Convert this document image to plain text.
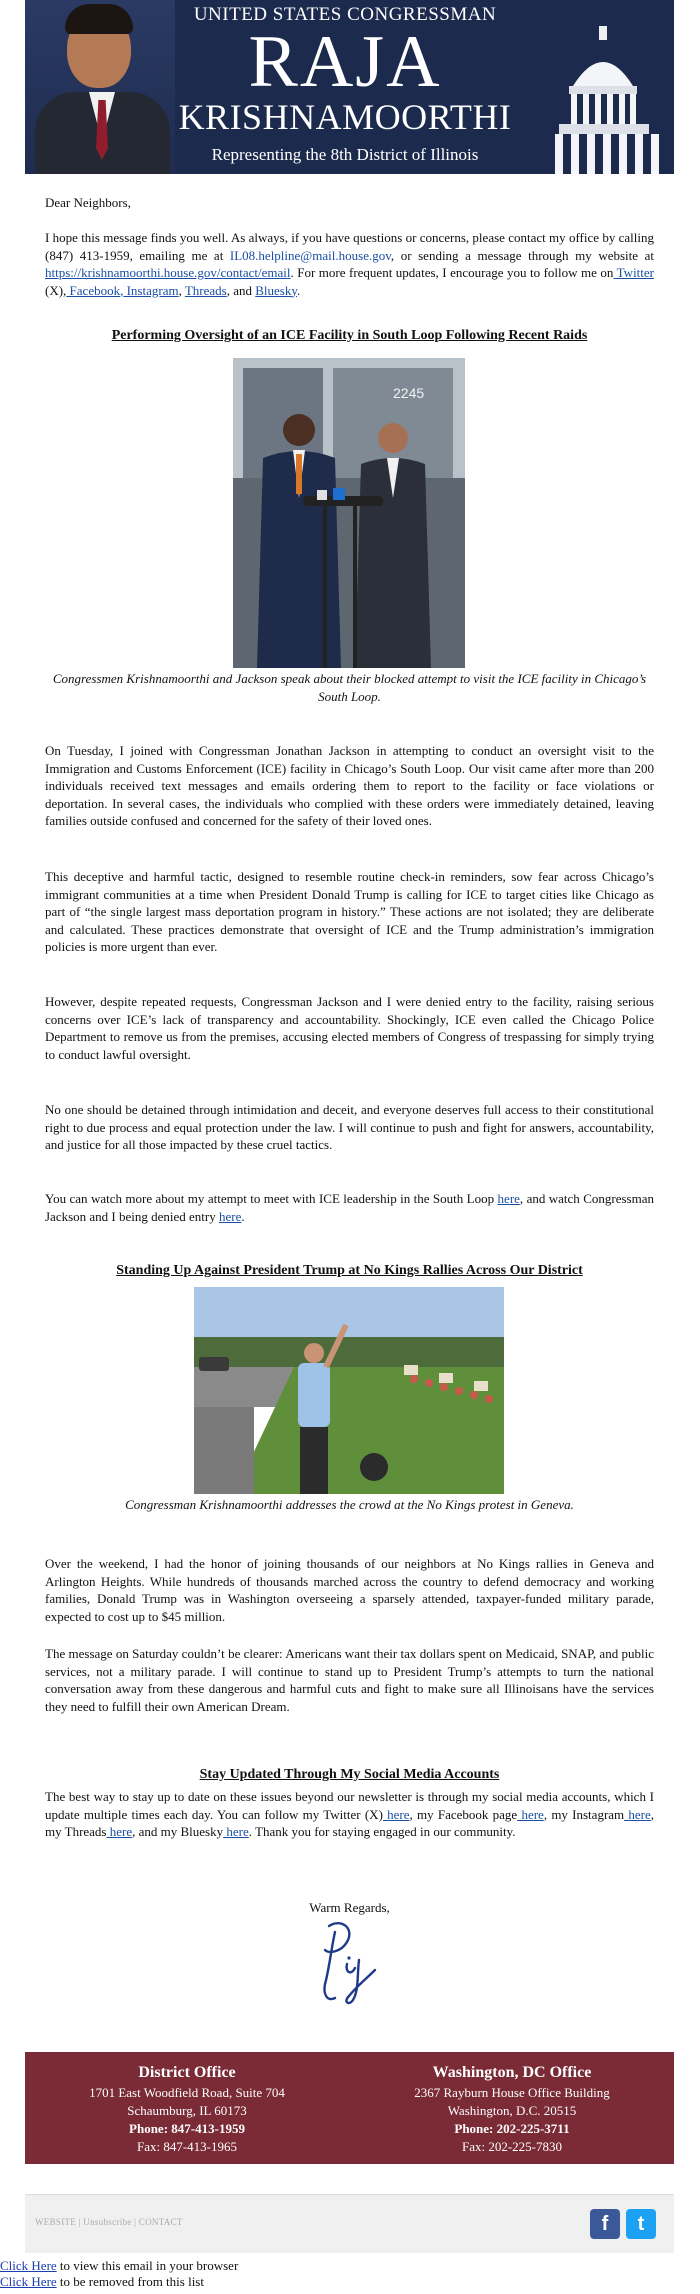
UNITED STATES CONGRESSMAN
RAJA
KRISHNAMOORTHI
Representing the 8th District of Illinois

Dear Neighbors,

I hope this message finds you well. As always, if you have questions or concerns, please contact my office by calling (847) 413-1959, emailing me at IL08.helpline@mail.house.gov, or sending a message through my website at https://krishnamoorthi.house.gov/contact/email. For more frequent updates, I encourage you to follow me on Twitter (X), Facebook, Instagram, Threads, and Bluesky.

Performing Oversight of an ICE Facility in South Loop Following Recent Raids

2245

Congressmen Krishnamoorthi and Jackson speak about their blocked attempt to visit the ICE facility in Chicago’s South Loop.

On Tuesday, I joined with Congressman Jonathan Jackson in attempting to conduct an oversight visit to the Immigration and Customs Enforcement (ICE) facility in Chicago’s South Loop. Our visit came after more than 200 individuals received text messages and emails ordering them to report to the facility or face violations or deportation. In several cases, the individuals who complied with these orders were immediately detained, leaving families outside confused and concerned for the safety of their loved ones.

This deceptive and harmful tactic, designed to resemble routine check-in reminders, sow fear across Chicago’s immigrant communities at a time when President Donald Trump is calling for ICE to target cities like Chicago as part of “the single largest mass deportation program in history.” These actions are not isolated; they are deliberate and calculated. These practices demonstrate that oversight of ICE and the Trump administration’s immigration policies is more urgent than ever.

However, despite repeated requests, Congressman Jackson and I were denied entry to the facility, raising serious concerns over ICE’s lack of transparency and accountability. Shockingly, ICE even called the Chicago Police Department to remove us from the premises, accusing elected members of Congress of trespassing for simply trying to conduct lawful oversight.

No one should be detained through intimidation and deceit, and everyone deserves full access to their constitutional right to due process and equal protection under the law. I will continue to push and fight for answers, accountability, and justice for all those impacted by these cruel tactics.

You can watch more about my attempt to meet with ICE leadership in the South Loop here, and watch Congressman Jackson and I being denied entry here.

Standing Up Against President Trump at No Kings Rallies Across Our District

Congressman Krishnamoorthi addresses the crowd at the No Kings protest in Geneva.

Over the weekend, I had the honor of joining thousands of our neighbors at No Kings rallies in Geneva and Arlington Heights. While hundreds of thousands marched across the country to defend democracy and working families, Donald Trump was in Washington overseeing a sparsely attended, taxpayer-funded military parade, expected to cost up to $45 million.

The message on Saturday couldn’t be clearer: Americans want their tax dollars spent on Medicaid, SNAP, and public services, not a military parade. I will continue to stand up to President Trump’s attempts to turn the national conversation away from these dangerous and harmful cuts and fight to make sure all Illinoisans have the services they need to fulfill their own American Dream.

Stay Updated Through My Social Media Accounts

The best way to stay up to date on these issues beyond our newsletter is through my social media accounts, which I update multiple times each day. You can follow my Twitter (X) here, my Facebook page here, my Instagram here, my Threads here, and my Bluesky here. Thank you for staying engaged in our community.

Warm Regards,

District Office
1701 East Woodfield Road, Suite 704
Schaumburg, IL 60173
Phone: 847-413-1959
Fax: 847-413-1965
Washington, DC Office
2367 Rayburn House Office Building
Washington, D.C. 20515
Phone: 202-225-3711
Fax: 202-225-7830
WEBSITE | Unsubscribe | CONTACT	f	t
Click Here to view this email in your browser
Click Here to be removed from this list
